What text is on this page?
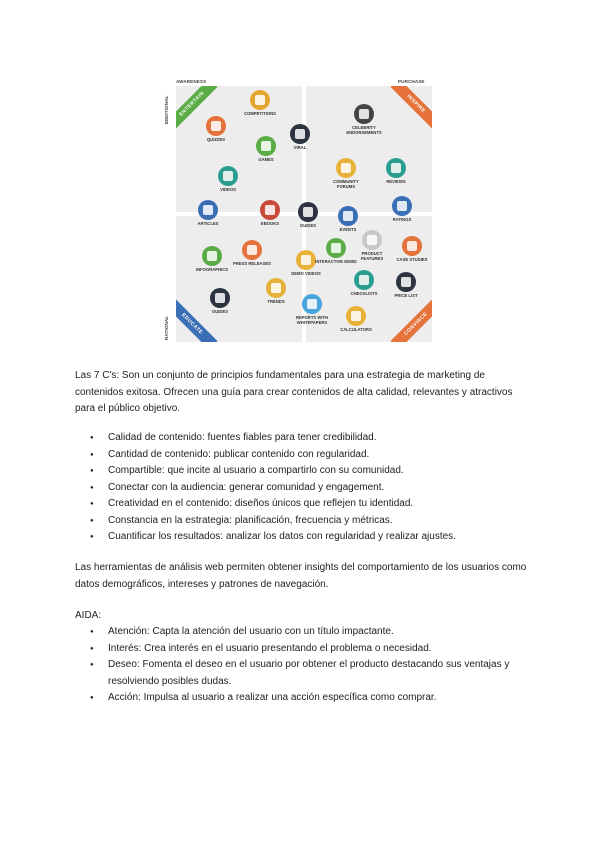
AWARENESS	PURCHASE
EMOTIONAL
RATIONAL
ENTERTAIN	INSPIRE
EDUCATE	CONVINCE
COMPETITIONS
QUIZZES
GAMES
VIRAL
CELEBRITY ENDORSEMENTS
VIDEOS
COMMUNITY FORUMS
REVIEWS
ARTICLES	EBOOKS	GUIDES
EVENTS
RATINGS
INFOGRAPHICS
PRESS RELEASES
DEMO VIDEOS
INTERACTIVE DEMO
PRODUCT FEATURES	CASE STUDIES
TRENDS
GUIDES
REPORTS WITH WHITEPAPERS
CHECKLISTS	PRICE LIST
CALCULATORS

Las 7 C's: Son un conjunto de principios fundamentales para una estrategia de marketing de contenidos exitosa. Ofrecen una guía para crear contenidos de alta calidad, relevantes y atractivos para el público objetivo.

● Calidad de contenido: fuentes fiables para tener credibilidad.
● Cantidad de contenido: publicar contenido con regularidad.
● Compartible: que incite al usuario a compartirlo con su comunidad.
● Conectar con la audiencia: generar comunidad y engagement.
● Creatividad en el contenido: diseños únicos que reflejen tu identidad.
● Constancia en la estrategia: planificación, frecuencia y métricas.
● Cuantificar los resultados: analizar los datos con regularidad y realizar ajustes.

Las herramientas de análisis web permiten obtener insights del comportamiento de los usuarios como datos demográficos, intereses y patrones de navegación.

AIDA:

● Atención: Capta la atención del usuario con un título impactante.
● Interés: Crea interés en el usuario presentando el problema o necesidad.
● Deseo: Fomenta el deseo en el usuario por obtener el producto destacando sus ventajas y resolviendo posibles dudas.
● Acción: Impulsa al usuario a realizar una acción específica como comprar.
